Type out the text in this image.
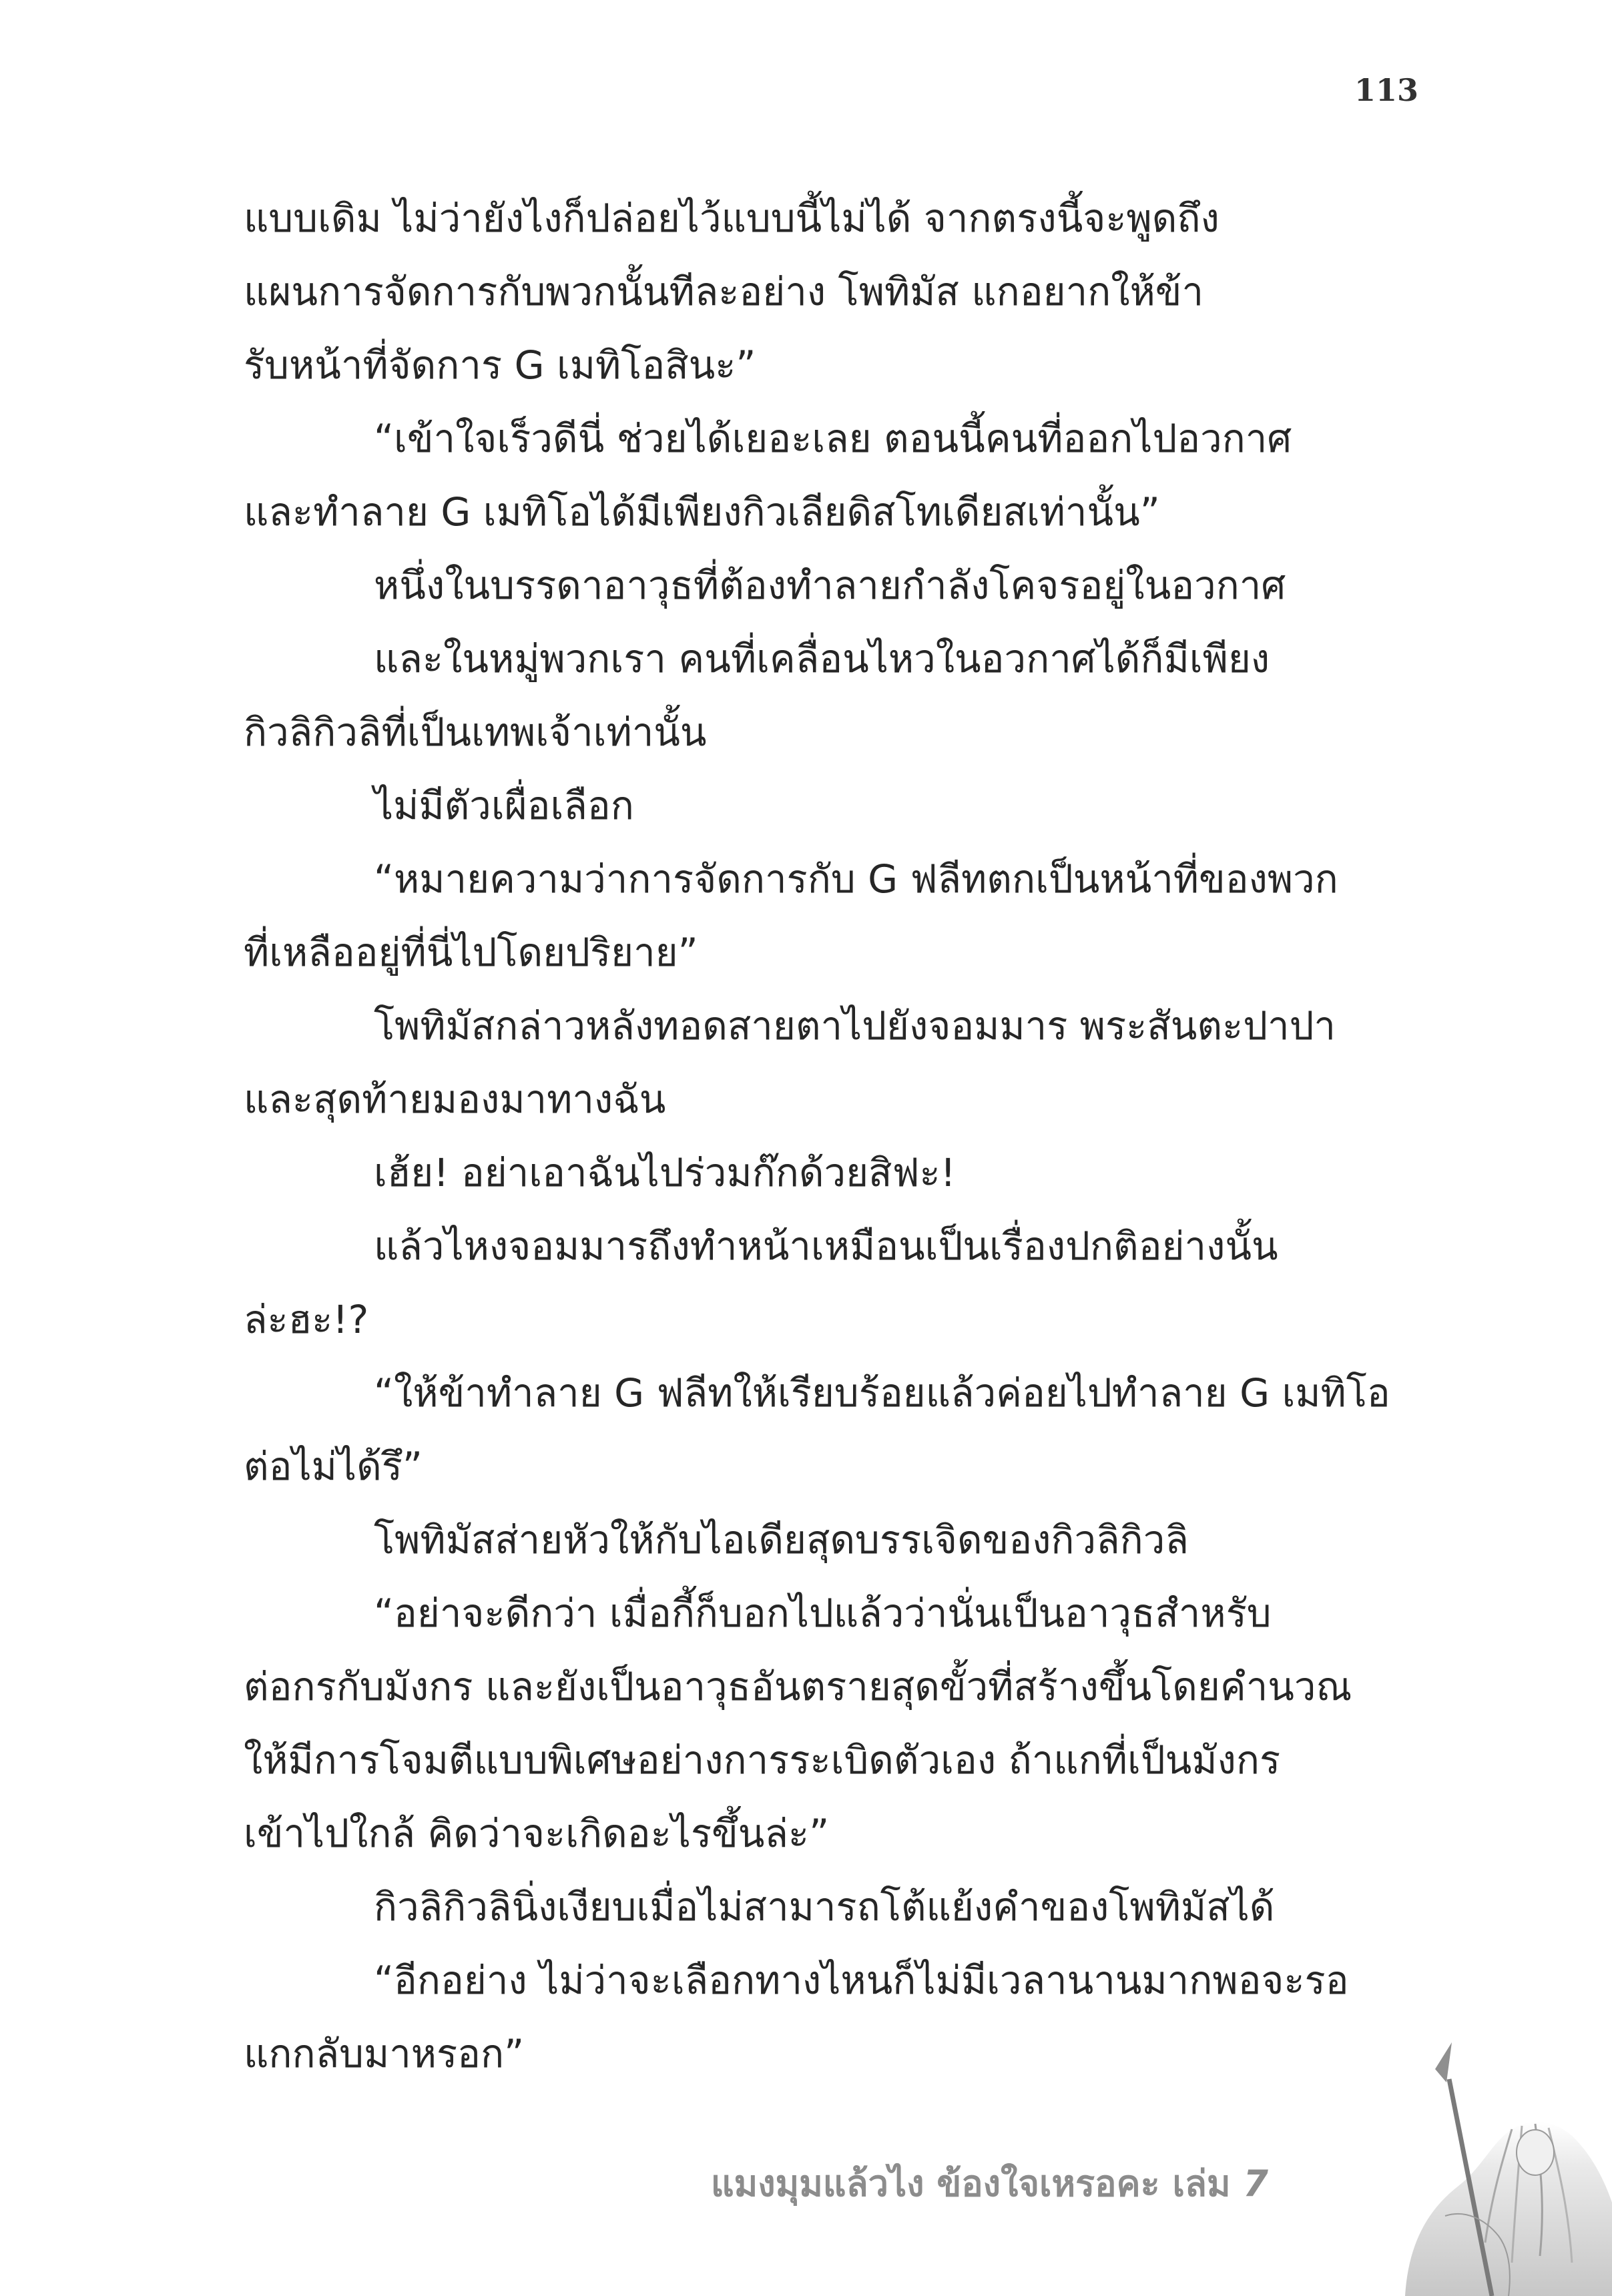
113
แบบเดิม ไม่ว่ายังไงก็ปล่อยไว้แบบนี้ไม่ได้ จากตรงนี้จะพูดถึง
แผนการจัดการกับพวกนั้นทีละอย่าง โพทิมัส แกอยากให้ข้า
รับหน้าที่จัดการ G เมทิโอสินะ”
“เข้าใจเร็วดีนี่ ช่วยได้เยอะเลย ตอนนี้คนที่ออกไปอวกาศ
และทำลาย G เมทิโอได้มีเพียงกิวเลียดิสโทเดียสเท่านั้น”
หนึ่งในบรรดาอาวุธที่ต้องทำลายกำลังโคจรอยู่ในอวกาศ
และในหมู่พวกเรา คนที่เคลื่อนไหวในอวกาศได้ก็มีเพียง
กิวลิกิวลิที่เป็นเทพเจ้าเท่านั้น
ไม่มีตัวเผื่อเลือก
“หมายความว่าการจัดการกับ G ฟลีทตกเป็นหน้าที่ของพวก
ที่เหลืออยู่ที่นี่ไปโดยปริยาย”
โพทิมัสกล่าวหลังทอดสายตาไปยังจอมมาร พระสันตะปาปา
และสุดท้ายมองมาทางฉัน
เฮ้ย! อย่าเอาฉันไปร่วมก๊กด้วยสิฟะ!
แล้วไหงจอมมารถึงทำหน้าเหมือนเป็นเรื่องปกติอย่างนั้น
ล่ะฮะ!?
“ให้ข้าทำลาย G ฟลีทให้เรียบร้อยแล้วค่อยไปทำลาย G เมทิโอ
ต่อไม่ได้รึ”
โพทิมัสส่ายหัวให้กับไอเดียสุดบรรเจิดของกิวลิกิวลิ
“อย่าจะดีกว่า เมื่อกี้ก็บอกไปแล้วว่านั่นเป็นอาวุธสำหรับ
ต่อกรกับมังกร และยังเป็นอาวุธอันตรายสุดขั้วที่สร้างขึ้นโดยคำนวณ
ให้มีการโจมตีแบบพิเศษอย่างการระเบิดตัวเอง ถ้าแกที่เป็นมังกร
เข้าไปใกล้ คิดว่าจะเกิดอะไรขึ้นล่ะ”
กิวลิกิวลินิ่งเงียบเมื่อไม่สามารถโต้แย้งคำของโพทิมัสได้
“อีกอย่าง ไม่ว่าจะเลือกทางไหนก็ไม่มีเวลานานมากพอจะรอ
แกกลับมาหรอก”
แมงมุมแล้วไง ข้องใจเหรอคะ เล่ม 7
